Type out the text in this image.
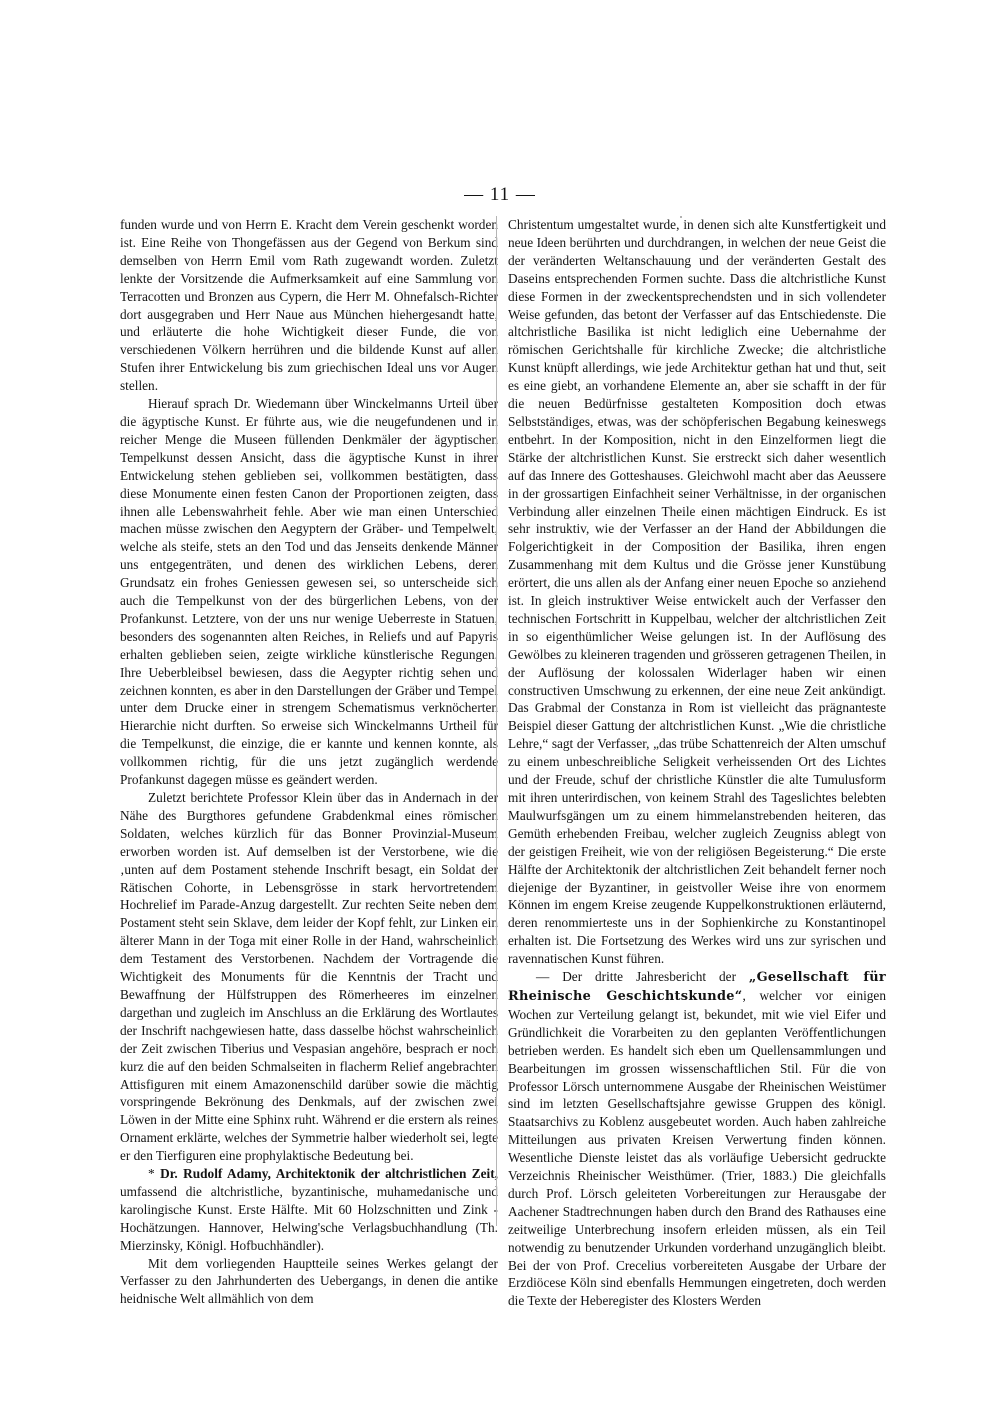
— 11 —

funden wurde und von Herrn E. Kracht dem Verein geschenkt worden ist. Eine Reihe von Thongefässen aus der Gegend von Berkum sind demselben von Herrn Emil vom Rath zugewandt worden. Zuletzt lenkte der Vorsitzende die Aufmerksamkeit auf eine Sammlung von Terracotten und Bronzen aus Cypern, die Herr M. Ohnefalsch-Richter dort ausgegraben und Herr Naue aus München hiehergesandt hatte, und erläuterte die hohe Wichtigkeit dieser Funde, die von verschiedenen Völkern herrühren und die bildende Kunst auf allen Stufen ihrer Entwickelung bis zum griechischen Ideal uns vor Augen stellen.

Hierauf sprach Dr. Wiedemann über Winckelmanns Urteil über die ägyptische Kunst. Er führte aus, wie die neugefundenen und in reicher Menge die Museen füllenden Denkmäler der ägyptischen Tempelkunst dessen Ansicht, dass die ägyptische Kunst in ihrer Entwickelung stehen geblieben sei, vollkommen bestätigten, dass diese Monumente einen festen Canon der Proportionen zeigten, dass ihnen alle Lebenswahrheit fehle. Aber wie man einen Unterschied machen müsse zwischen den Aegyptern der Gräber- und Tempelwelt, welche als steife, stets an den Tod und das Jenseits denkende Männer uns entgegenträten, und denen des wirklichen Lebens, deren Grundsatz ein frohes Geniessen gewesen sei, so unterscheide sich auch die Tempelkunst von der des bürgerlichen Lebens, von der Profankunst. Letztere, von der uns nur wenige Ueberreste in Statuen, besonders des sogenannten alten Reiches, in Reliefs und auf Papyris erhalten geblieben seien, zeigte wirkliche künstlerische Regungen. Ihre Ueberbleibsel bewiesen, dass die Aegypter richtig sehen und zeichnen konnten, es aber in den Darstellungen der Gräber und Tempel unter dem Drucke einer in strengem Schematismus verknöcherten Hierarchie nicht durften. So erweise sich Winckelmanns Urtheil für die Tempelkunst, die einzige, die er kannte und kennen konnte, als vollkommen richtig, für die uns jetzt zugänglich werdende Profankunst dagegen müsse es geändert werden.

Zuletzt berichtete Professor Klein über das in Andernach in der Nähe des Burgthores gefundene Grabdenkmal eines römischen Soldaten, welches kürzlich für das Bonner Provinzial-Museum erworben worden ist. Auf demselben ist der Verstorbene, wie die ‚unten auf dem Postament stehende Inschrift besagt, ein Soldat der Rätischen Cohorte, in Lebensgrösse in stark hervortretendem Hochrelief im Parade-Anzug dargestellt. Zur rechten Seite neben dem Postament steht sein Sklave, dem leider der Kopf fehlt, zur Linken ein älterer Mann in der Toga mit einer Rolle in der Hand, wahrscheinlich dem Testament des Verstorbenen. Nachdem der Vortragende die Wichtigkeit des Monuments für die Kenntnis der Tracht und Bewaffnung der Hülfstruppen des Römerheeres im einzelnen dargethan und zugleich im Anschluss an die Erklärung des Wortlautes der Inschrift nachgewiesen hatte, dass dasselbe höchst wahrscheinlich der Zeit zwischen Tiberius und Vespasian angehöre, besprach er noch kurz die auf den beiden Schmalseiten in flacherm Relief angebrachten Attisfiguren mit einem Amazonenschild darüber sowie die mächtig vorspringende Bekrönung des Denkmals, auf der zwischen zwei Löwen in der Mitte eine Sphinx ruht. Während er die erstern als reines Ornament erklärte, welches der Symmetrie halber wiederholt sei, legte er den Tierfiguren eine prophylaktische Bedeutung bei.

* Dr. Rudolf Adamy, Architektonik der altchristlichen Zeit, umfassend die altchristliche, byzantinische, muhamedanische und karolingische Kunst. Erste Hälfte. Mit 60 Holzschnitten und Zink - Hochätzungen. Hannover, Helwing'sche Verlagsbuchhandlung (Th. Mierzinsky, Königl. Hofbuchhändler).

Mit dem vorliegenden Hauptteile seines Werkes gelangt der Verfasser zu den Jahrhunderten des Uebergangs, in denen die antike heidnische Welt allmählich von dem

Christentum umgestaltet wurde, in denen sich alte Kunstfertigkeit und neue Ideen berührten und durchdrangen, in welchen der neue Geist die der veränderten Weltanschauung und der veränderten Gestalt des Daseins entsprechenden Formen suchte. Dass die altchristliche Kunst diese Formen in der zweckentsprechendsten und in sich vollendeter Weise gefunden, das betont der Verfasser auf das Entschiedenste. Die altchristliche Basilika ist nicht lediglich eine Uebernahme der römischen Gerichtshalle für kirchliche Zwecke; die altchristliche Kunst knüpft allerdings, wie jede Architektur gethan hat und thut, seit es eine giebt, an vorhandene Elemente an, aber sie schafft in der für die neuen Bedürfnisse gestalteten Komposition doch etwas Selbstständiges, etwas, was der schöpferischen Begabung keineswegs entbehrt. In der Komposition, nicht in den Einzelformen liegt die Stärke der altchristlichen Kunst. Sie erstreckt sich daher wesentlich auf das Innere des Gotteshauses. Gleichwohl macht aber das Aeussere in der grossartigen Einfachheit seiner Verhältnisse, in der organischen Verbindung aller einzelnen Theile einen mächtigen Eindruck. Es ist sehr instruktiv, wie der Verfasser an der Hand der Abbildungen die Folgerichtigkeit in der Composition der Basilika, ihren engen Zusammenhang mit dem Kultus und die Grösse jener Kunstübung erörtert, die uns allen als der Anfang einer neuen Epoche so anziehend ist. In gleich instruktiver Weise entwickelt auch der Verfasser den technischen Fortschritt in Kuppelbau, welcher der altchristlichen Zeit in so eigenthümlicher Weise gelungen ist. In der Auflösung des Gewölbes zu kleineren tragenden und grösseren getragenen Theilen, in der Auflösung der kolossalen Widerlager haben wir einen constructiven Umschwung zu erkennen, der eine neue Zeit ankündigt. Das Grabmal der Constanza in Rom ist vielleicht das prägnanteste Beispiel dieser Gattung der altchristlichen Kunst. „Wie die christliche Lehre,“ sagt der Verfasser, „das trübe Schattenreich der Alten umschuf zu einem unbeschreibliche Seligkeit verheissenden Ort des Lichtes und der Freude, schuf der christliche Künstler die alte Tumulusform mit ihren unterirdischen, von keinem Strahl des Tageslichtes belebten Maulwurfsgängen um zu einem himmelanstrebenden heiteren, das Gemüth erhebenden Freibau, welcher zugleich Zeugniss ablegt von der geistigen Freiheit, wie von der religiösen Begeisterung.“ Die erste Hälfte der Architektonik der altchristlichen Zeit behandelt ferner noch diejenige der Byzantiner, in geistvoller Weise ihre von enormem Können im engem Kreise zeugende Kuppelkonstruktionen erläuternd, deren renommierteste uns in der Sophienkirche zu Konstantinopel erhalten ist. Die Fortsetzung des Werkes wird uns zur syrischen und ravennatischen Kunst führen.

— Der dritte Jahresbericht der „Gesellschaft für Rheinische Geschichtskunde“, welcher vor einigen Wochen zur Verteilung gelangt ist, bekundet, mit wie viel Eifer und Gründlichkeit die Vorarbeiten zu den geplanten Veröffentlichungen betrieben werden. Es handelt sich eben um Quellensammlungen und Bearbeitungen im grossen wissenschaftlichen Stil. Für die von Professor Lörsch unternommene Ausgabe der Rheinischen Weistümer sind im letzten Gesellschaftsjahre gewisse Gruppen des königl. Staatsarchivs zu Koblenz ausgebeutet worden. Auch haben zahlreiche Mitteilungen aus privaten Kreisen Verwertung finden können. Wesentliche Dienste leistet das als vorläufige Uebersicht gedruckte Verzeichnis Rheinischer Weisthümer. (Trier, 1883.) Die gleichfalls durch Prof. Lörsch geleiteten Vorbereitungen zur Herausgabe der Aachener Stadtrechnungen haben durch den Brand des Rathauses eine zeitweilige Unterbrechung insofern erleiden müssen, als ein Teil notwendig zu benutzender Urkunden vorderhand unzugänglich bleibt. Bei der von Prof. Crecelius vorbereiteten Ausgabe der Urbare der Erzdiöcese Köln sind ebenfalls Hemmungen eingetreten, doch werden die Texte der Heberegister des Klosters Werden
